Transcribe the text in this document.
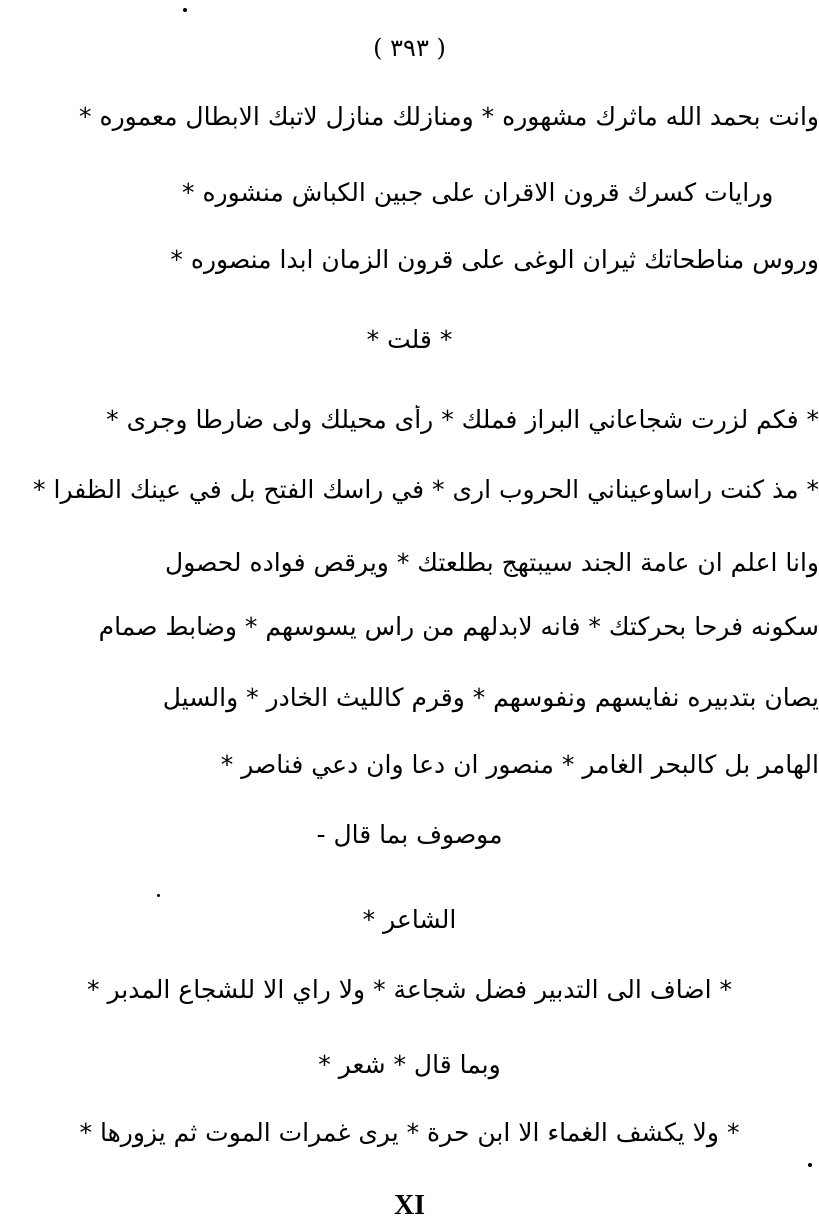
( ٣٩٣ )
وانت بحمد الله ماثرك مشهوره * ومنازلك منازل لاتبك الابطال معموره *
ورايات كسرك قرون الاقران على جبين الكباش منشوره *
وروس مناطحاتك ثيران الوغى على قرون الزمان ابدا منصوره *
* قلت *
* فكم لزرت شجاعاني البراز فملك * رأى محيلك ولى ضارطا وجرى *
* مذ كنت راساوعيناني الحروب ارى * في راسك الفتح بل في عينك الظفرا *
وانا اعلم ان عامة الجند سيبتهج بطلعتك * ويرقص فواده لحصول
سكونه فرحا بحركتك * فانه لابدلهم من راس يسوسهم * وضابط صمام
يصان بتدبيره نفايسهم ونفوسهم * وقرم كالليث الخادر * والسيل
الهامر بل كالبحر الغامر * منصور ان دعا وان دعي فناصر *
موصوف بما قال -
الشاعر *
* اضاف الى التدبير فضل شجاعة * ولا راي الا للشجاع المدبر *
وبما قال * شعر *
* ولا يكشف الغماء الا ابن حرة * يرى غمرات الموت ثم يزورها *
XI
